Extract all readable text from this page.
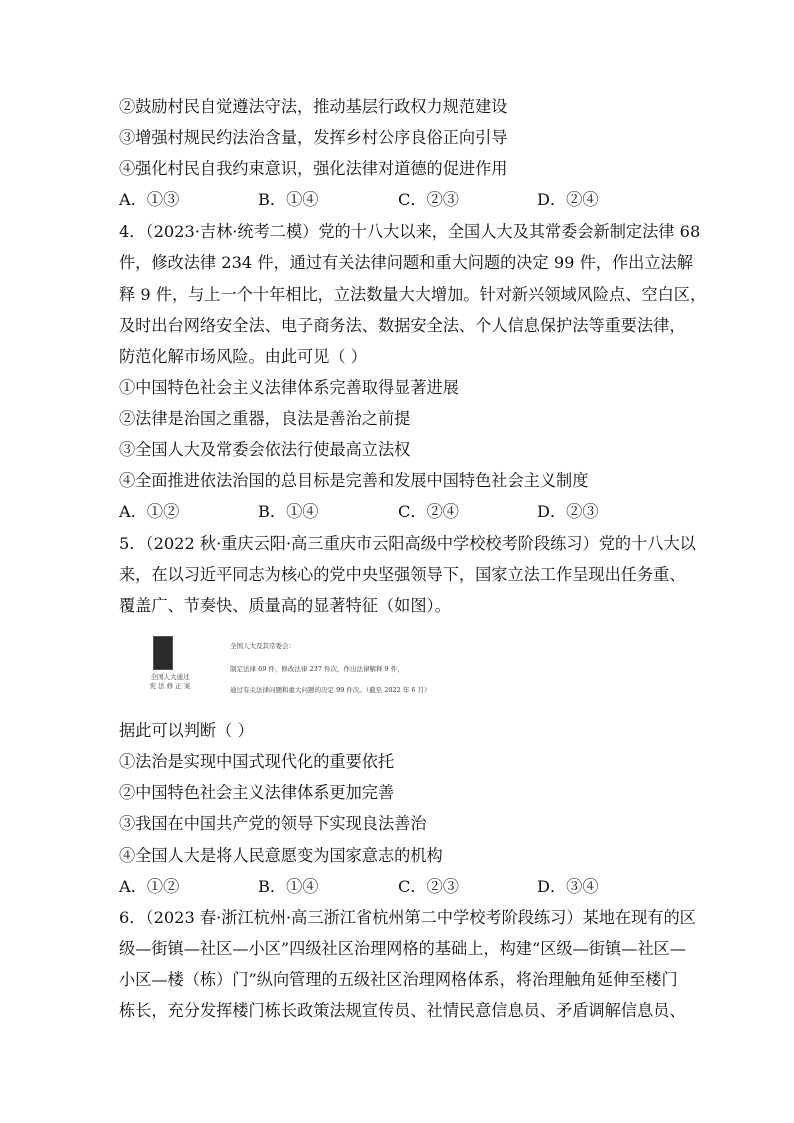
②鼓励村民自觉遵法守法，推动基层行政权力规范建设
③增强村规民约法治含量，发挥乡村公序良俗正向引导
④强化村民自我约束意识，强化法律对道德的促进作用
A．①③	B．①④	C．②③	D．②④
4．（2023·吉林·统考二模）党的十八大以来，全国人大及其常委会新制定法律 68
件，修改法律 234 件，通过有关法律问题和重大问题的决定 99 件，作出立法解
释 9 件，与上一个十年相比，立法数量大大增加。针对新兴领域风险点、空白区，
及时出台网络安全法、电子商务法、数据安全法、个人信息保护法等重要法律，
防范化解市场风险。由此可见（ ）
①中国特色社会主义法律体系完善取得显著进展
②法律是治国之重器，良法是善治之前提
③全国人大及常委会依法行使最高立法权
④全面推进依法治国的总目标是完善和发展中国特色社会主义制度
A．①②	B．①④	C．②④	D．②③
5．（2022 秋·重庆云阳·高三重庆市云阳高级中学校校考阶段练习）党的十八大以
来，在以习近平同志为核心的党中央坚强领导下，国家立法工作呈现出任务重、
覆盖广、节奏快、质量高的显著特征（如图）。
全国人大通过
宪 法 修 正 案
全国人大及其常委会：
制定法律 69 件，修改法律 237 件次，作出法律解释 9 件，
通过有关法律问题和重大问题的决定 99 件次。（截至 2022 年 6 月）
据此可以判断（ ）
①法治是实现中国式现代化的重要依托
②中国特色社会主义法律体系更加完善
③我国在中国共产党的领导下实现良法善治
④全国人大是将人民意愿变为国家意志的机构
A．①②	B．①④	C．②③	D．③④
6．（2023 春·浙江杭州·高三浙江省杭州第二中学校考阶段练习）某地在现有的区
级—街镇—社区—小区”四级社区治理网格的基础上，构建“区级—街镇—社区—
小区—楼（栋）门”纵向管理的五级社区治理网格体系，将治理触角延伸至楼门
栋长，充分发挥楼门栋长政策法规宣传员、社情民意信息员、矛盾调解信息员、
